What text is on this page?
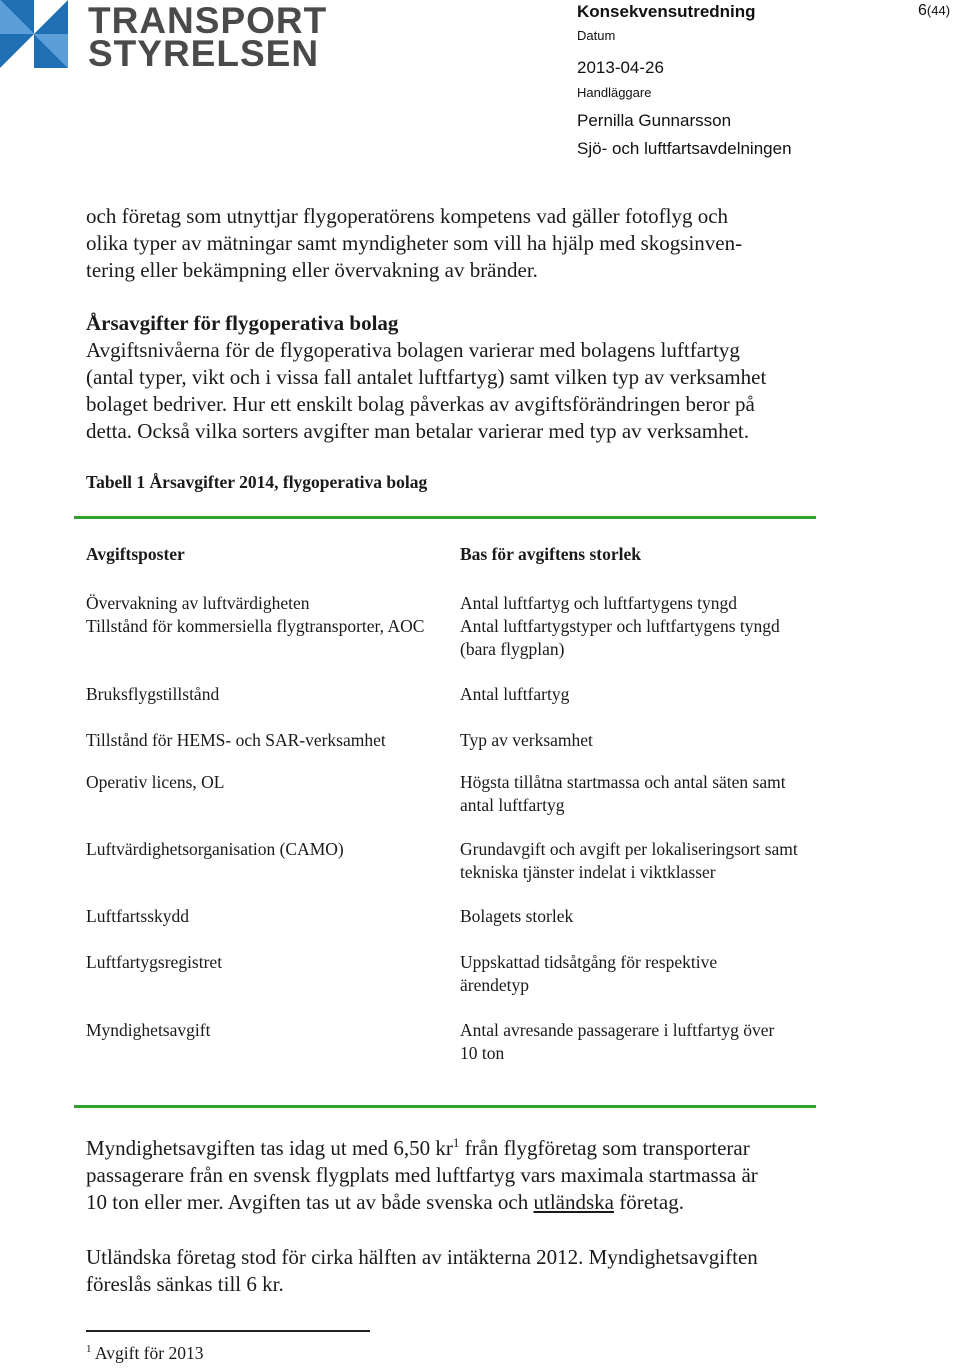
TRANSPORT
STYRELSEN
Konsekvensutredning	6(44)
Datum
2013-04-26
Handläggare
Pernilla Gunnarsson
Sjö- och luftfartsavdelningen

och företag som utnyttjar flygoperatörens kompetens vad gäller fotoflyg och

olika typer av mätningar samt myndigheter som vill ha hjälp med skogsinven-

tering eller bekämpning eller övervakning av bränder.

Årsavgifter för flygoperativa bolag

Avgiftsnivåerna för de flygoperativa bolagen varierar med bolagens luftfartyg

(antal typer, vikt och i vissa fall antalet luftfartyg) samt vilken typ av verksamhet

bolaget bedriver. Hur ett enskilt bolag påverkas av avgiftsförändringen beror på

detta. Också vilka sorters avgifter man betalar varierar med typ av verksamhet.

Tabell 1 Årsavgifter 2014, flygoperativa bolag
Avgiftsposter	Bas för avgiftens storlek
Övervakning av luftvärdigheten	Antal luftfartyg och luftfartygens tyngd
Tillstånd för kommersiella flygtransporter, AOC	Antal luftfartygstyper och luftfartygens tyngd (bara flygplan)
Bruksflygstillstånd	Antal luftfartyg
Tillstånd för HEMS- och SAR-verksamhet	Typ av verksamhet
Operativ licens, OL	Högsta tillåtna startmassa och antal säten samt antal luftfartyg
Luftvärdighetsorganisation (CAMO)	Grundavgift och avgift per lokaliseringsort samt tekniska tjänster indelat i viktklasser
Luftfartsskydd	Bolagets storlek
Luftfartygsregistret	Uppskattad tidsåtgång för respektive ärendetyp
Myndighetsavgift	Antal avresande passagerare i luftfartyg över 10 ton

Myndighetsavgiften tas idag ut med 6,50 $kr^1$ från flygföretag som transporterar

passagerare från en svensk flygplats med luftfartyg vars maximala startmassa är

10 ton eller mer. Avgiften tas ut av både svenska och utländska företag.

Utländska företag stod för cirka hälften av intäkterna 2012. Myndighetsavgiften

föreslås sänkas till 6 kr.

$^1$ Avgift för 2013
